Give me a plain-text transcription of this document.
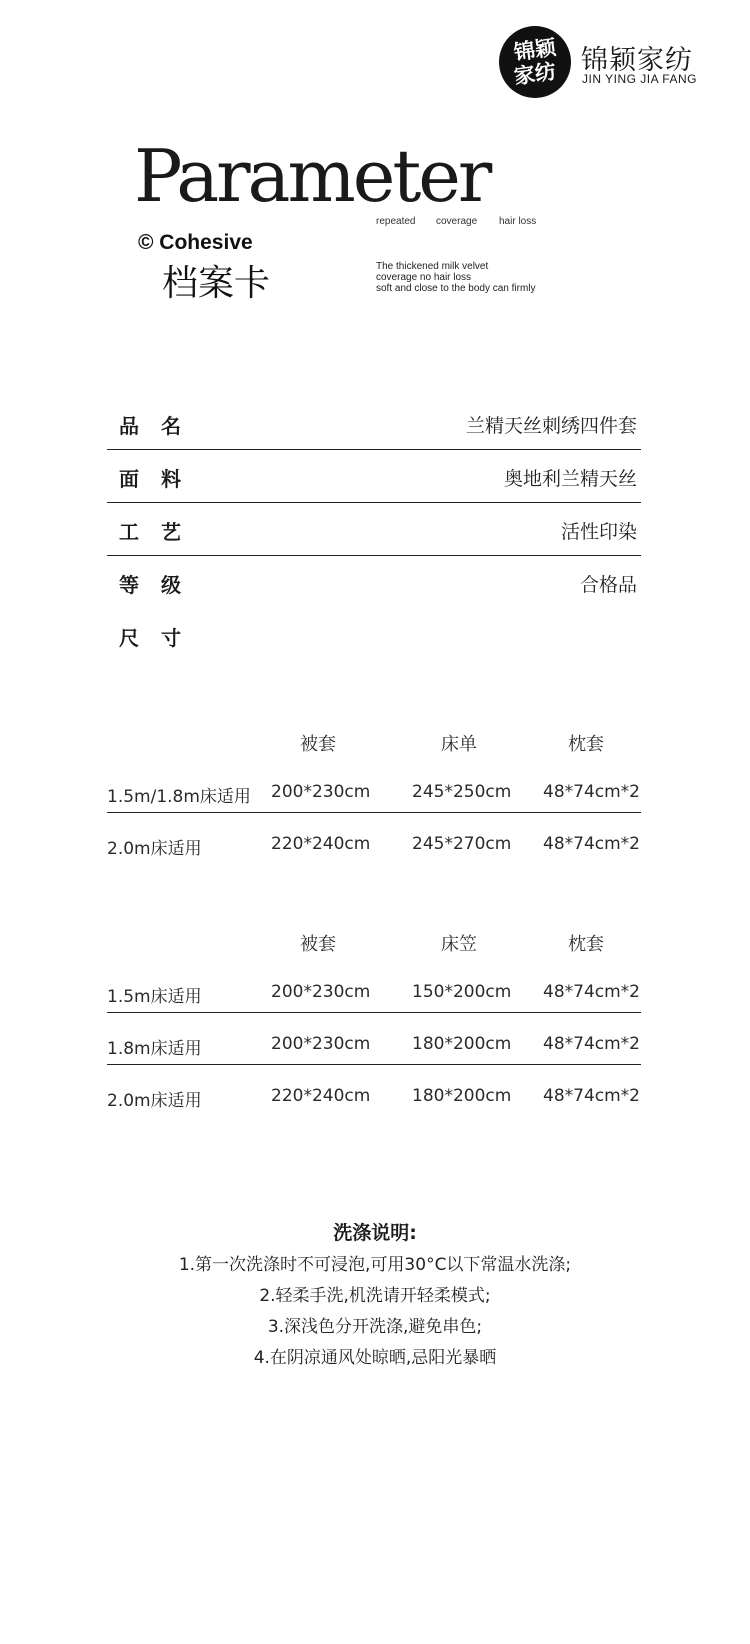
锦颖
家纺 锦颖家纺
JIN YING JIA FANG
Parameter
repeated coverage hair loss
© Cohesive
档案卡	The thickened milk velvet
coverage no hair loss
soft and close to the body can firmly
品名	兰精天丝刺绣四件套
面料	奥地利兰精天丝
工艺	活性印染
等级	合格品
尺寸
被套	床单	枕套
1.5m/1.8m床适用 200*230cm 245*250cm 48*74cm*2
2.0m床适用	220*240cm 245*270cm 48*74cm*2
被套	床笠	枕套
1.5m床适用	200*230cm 150*200cm 48*74cm*2
1.8m床适用	200*230cm 180*200cm 48*74cm*2
2.0m床适用	220*240cm 180*200cm 48*74cm*2
洗涤说明:
1.第一次洗涤时不可浸泡,可用30°C以下常温水洗涤;
2.轻柔手洗,机洗请开轻柔模式;
3.深浅色分开洗涤,避免串色;
4.在阴凉通风处晾晒,忌阳光暴晒
